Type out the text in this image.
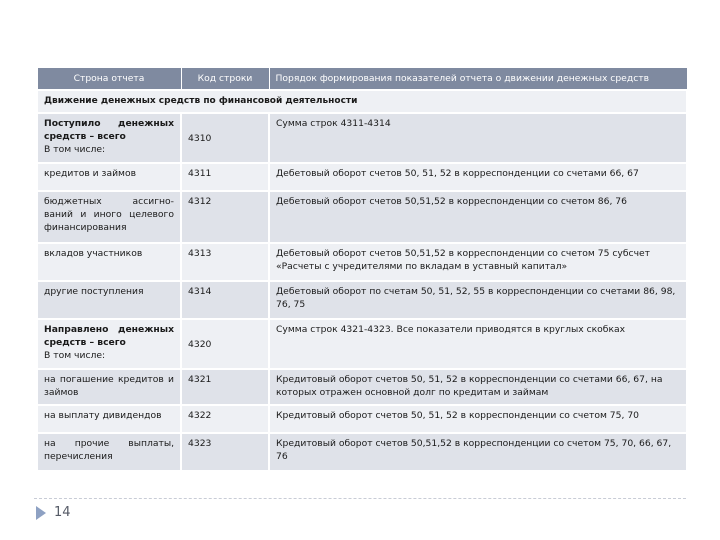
Строна отчета	Код строки	Порядок формирования показателей отчета о движении денежных средств
Движение денежных средств по финансовой деятельности		

Поступило денежных средств – всего
В том числе:	4310	Сумма строк 4311-4314
кредитов и займов	4311	Дебетовый оборот счетов 50, 51, 52 в корреспонденции со счетами 66, 67

бюджетных ассигно-ваний и иного целевого финансирования	4312	Дебетовый оборот счетов 50,51,52 в корреспонденции со счетом 86, 76
вкладов участников	4313	Дебетовый оборот счетов 50,51,52 в корреспонденции со счетом 75 субсчет «Расчеты с учредителями по вкладам в уставный капитал»
другие поступления	4314	Дебетовый оборот по счетам 50, 51, 52, 55 в корреспонденции со счетами 86, 98, 76, 75

Направлено денежных средств – всего
В том числе:	4320	Сумма строк 4321-4323. Все показатели приводятся в круглых скобках

на погашение кредитов и займов	4321	Кредитовый оборот счетов 50, 51, 52 в корреспонденции со счетами 66, 67, на которых отражен основной долг по кредитам и займам
на выплату дивидендов	4322	Кредитовый оборот счетов 50, 51, 52 в корреспонденции со счетом 75, 70

на прочие выплаты, перечисления	4323	Кредитовый оборот счетов 50,51,52 в корреспонденции со счетом 75, 70, 66, 67, 76
14
